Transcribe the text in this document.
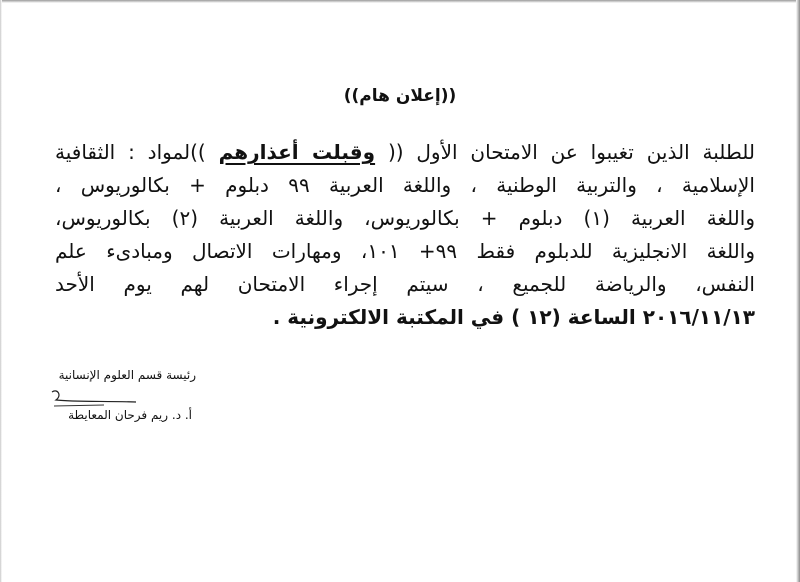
((إعلان هام))
للطلبة الذين تغيبوا عن الامتحان الأول (( وقبلت أعذارهم ))لمواد : الثقافية
الإسلامية ، والتربية الوطنية ، واللغة العربية ٩٩ دبلوم + بكالوريوس ،
واللغة العربية (١) دبلوم + بكالوريوس، واللغة العربية (٢) بكالوريوس،
واللغة الانجليزية للدبلوم فقط ٩٩+ ١٠١، ومهارات الاتصال ومبادىء علم
النفس، والرياضة للجميع ، سيتم إجراء الامتحان لهم يوم الأحد
٢٠١٦/١١/١٣ الساعة (١٢ ) في المكتبة الالكترونية .
رئيسة قسم العلوم الإنسانية
أ. د. ريم فرحان المعايطة
